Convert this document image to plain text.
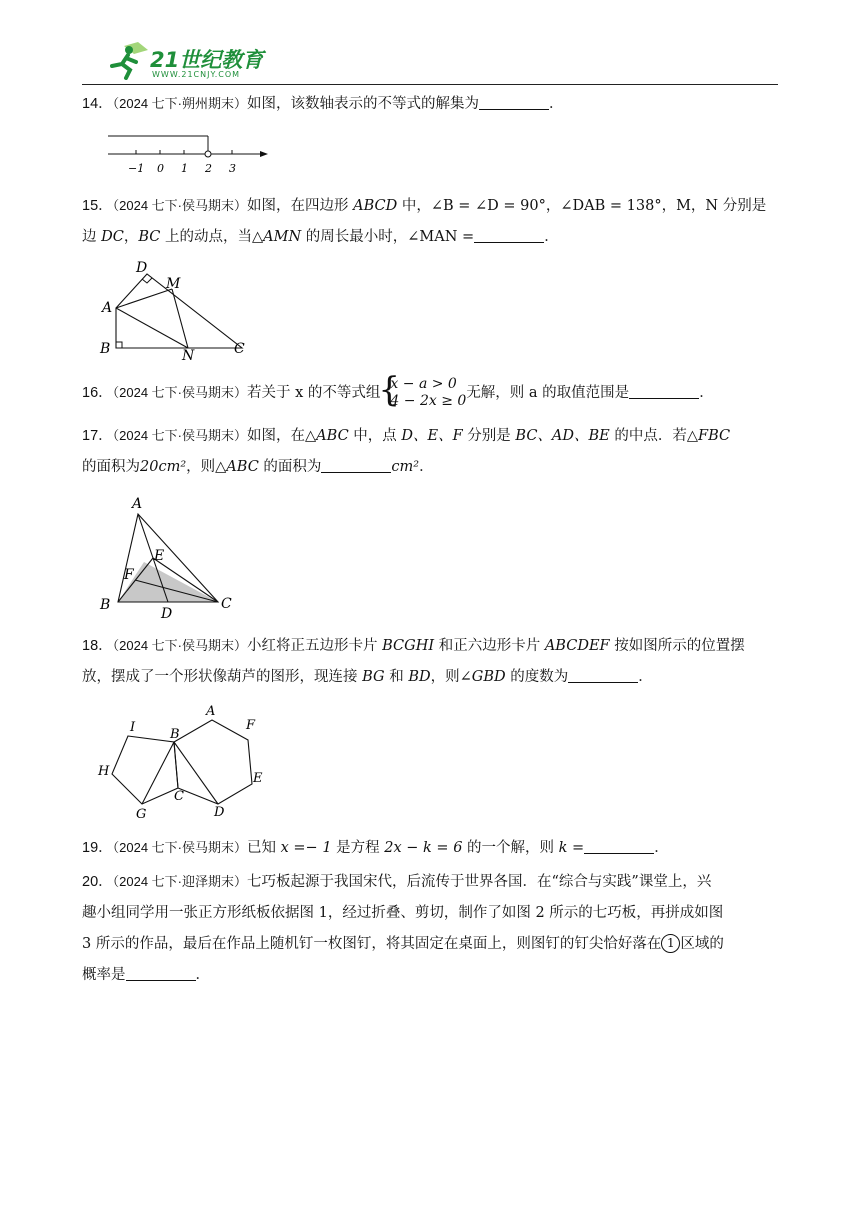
21世纪教育
WWW.21CNJY.COM
14．（2024 七下·朔州期末）如图，该数轴表示的不等式的解集为	．
−1 0 1 2 3
15．（2024 七下·侯马期末）如图，在四边形 ABCD 中，∠B = ∠D = 90°，∠DAB = 138°，M，N 分别是
边 DC，BC 上的动点，当△AMN 的周长最小时，∠MAN =	．
D
M
A
B	N	C
16．（2024 七下·侯马期末）若关于 x 的不等式组{ x − a > 0
4 − 2x ≥ 0无解，则 a 的取值范围是	．
17．（2024 七下·侯马期末）如图，在△ABC 中，点 D、E、F 分别是 BC、AD、BE 的中点．若△FBC
的面积为20cm²，则△ABC 的面积为	cm²．
A
E
F
B
D
C
18．（2024 七下·侯马期末）小红将正五边形卡片 BCGHI 和正六边形卡片 ABCDEF 按如图所示的位置摆
放，摆成了一个形状像葫芦的图形，现连接 BG 和 BD，则∠GBD 的度数为	．
I	B
A
F
H	E
C
G	D
19．（2024 七下·侯马期末）已知 x =− 1 是方程 2x − k = 6 的一个解，则 k =	．
20．（2024 七下·迎泽期末）七巧板起源于我国宋代，后流传于世界各国．在“综合与实践”课堂上，兴
趣小组同学用一张正方形纸板依据图 1，经过折叠、剪切，制作了如图 2 所示的七巧板，再拼成如图
3 所示的作品，最后在作品上随机钉一枚图钉，将其固定在桌面上，则图钉的钉尖恰好落在 1 区域的
概率是	．
